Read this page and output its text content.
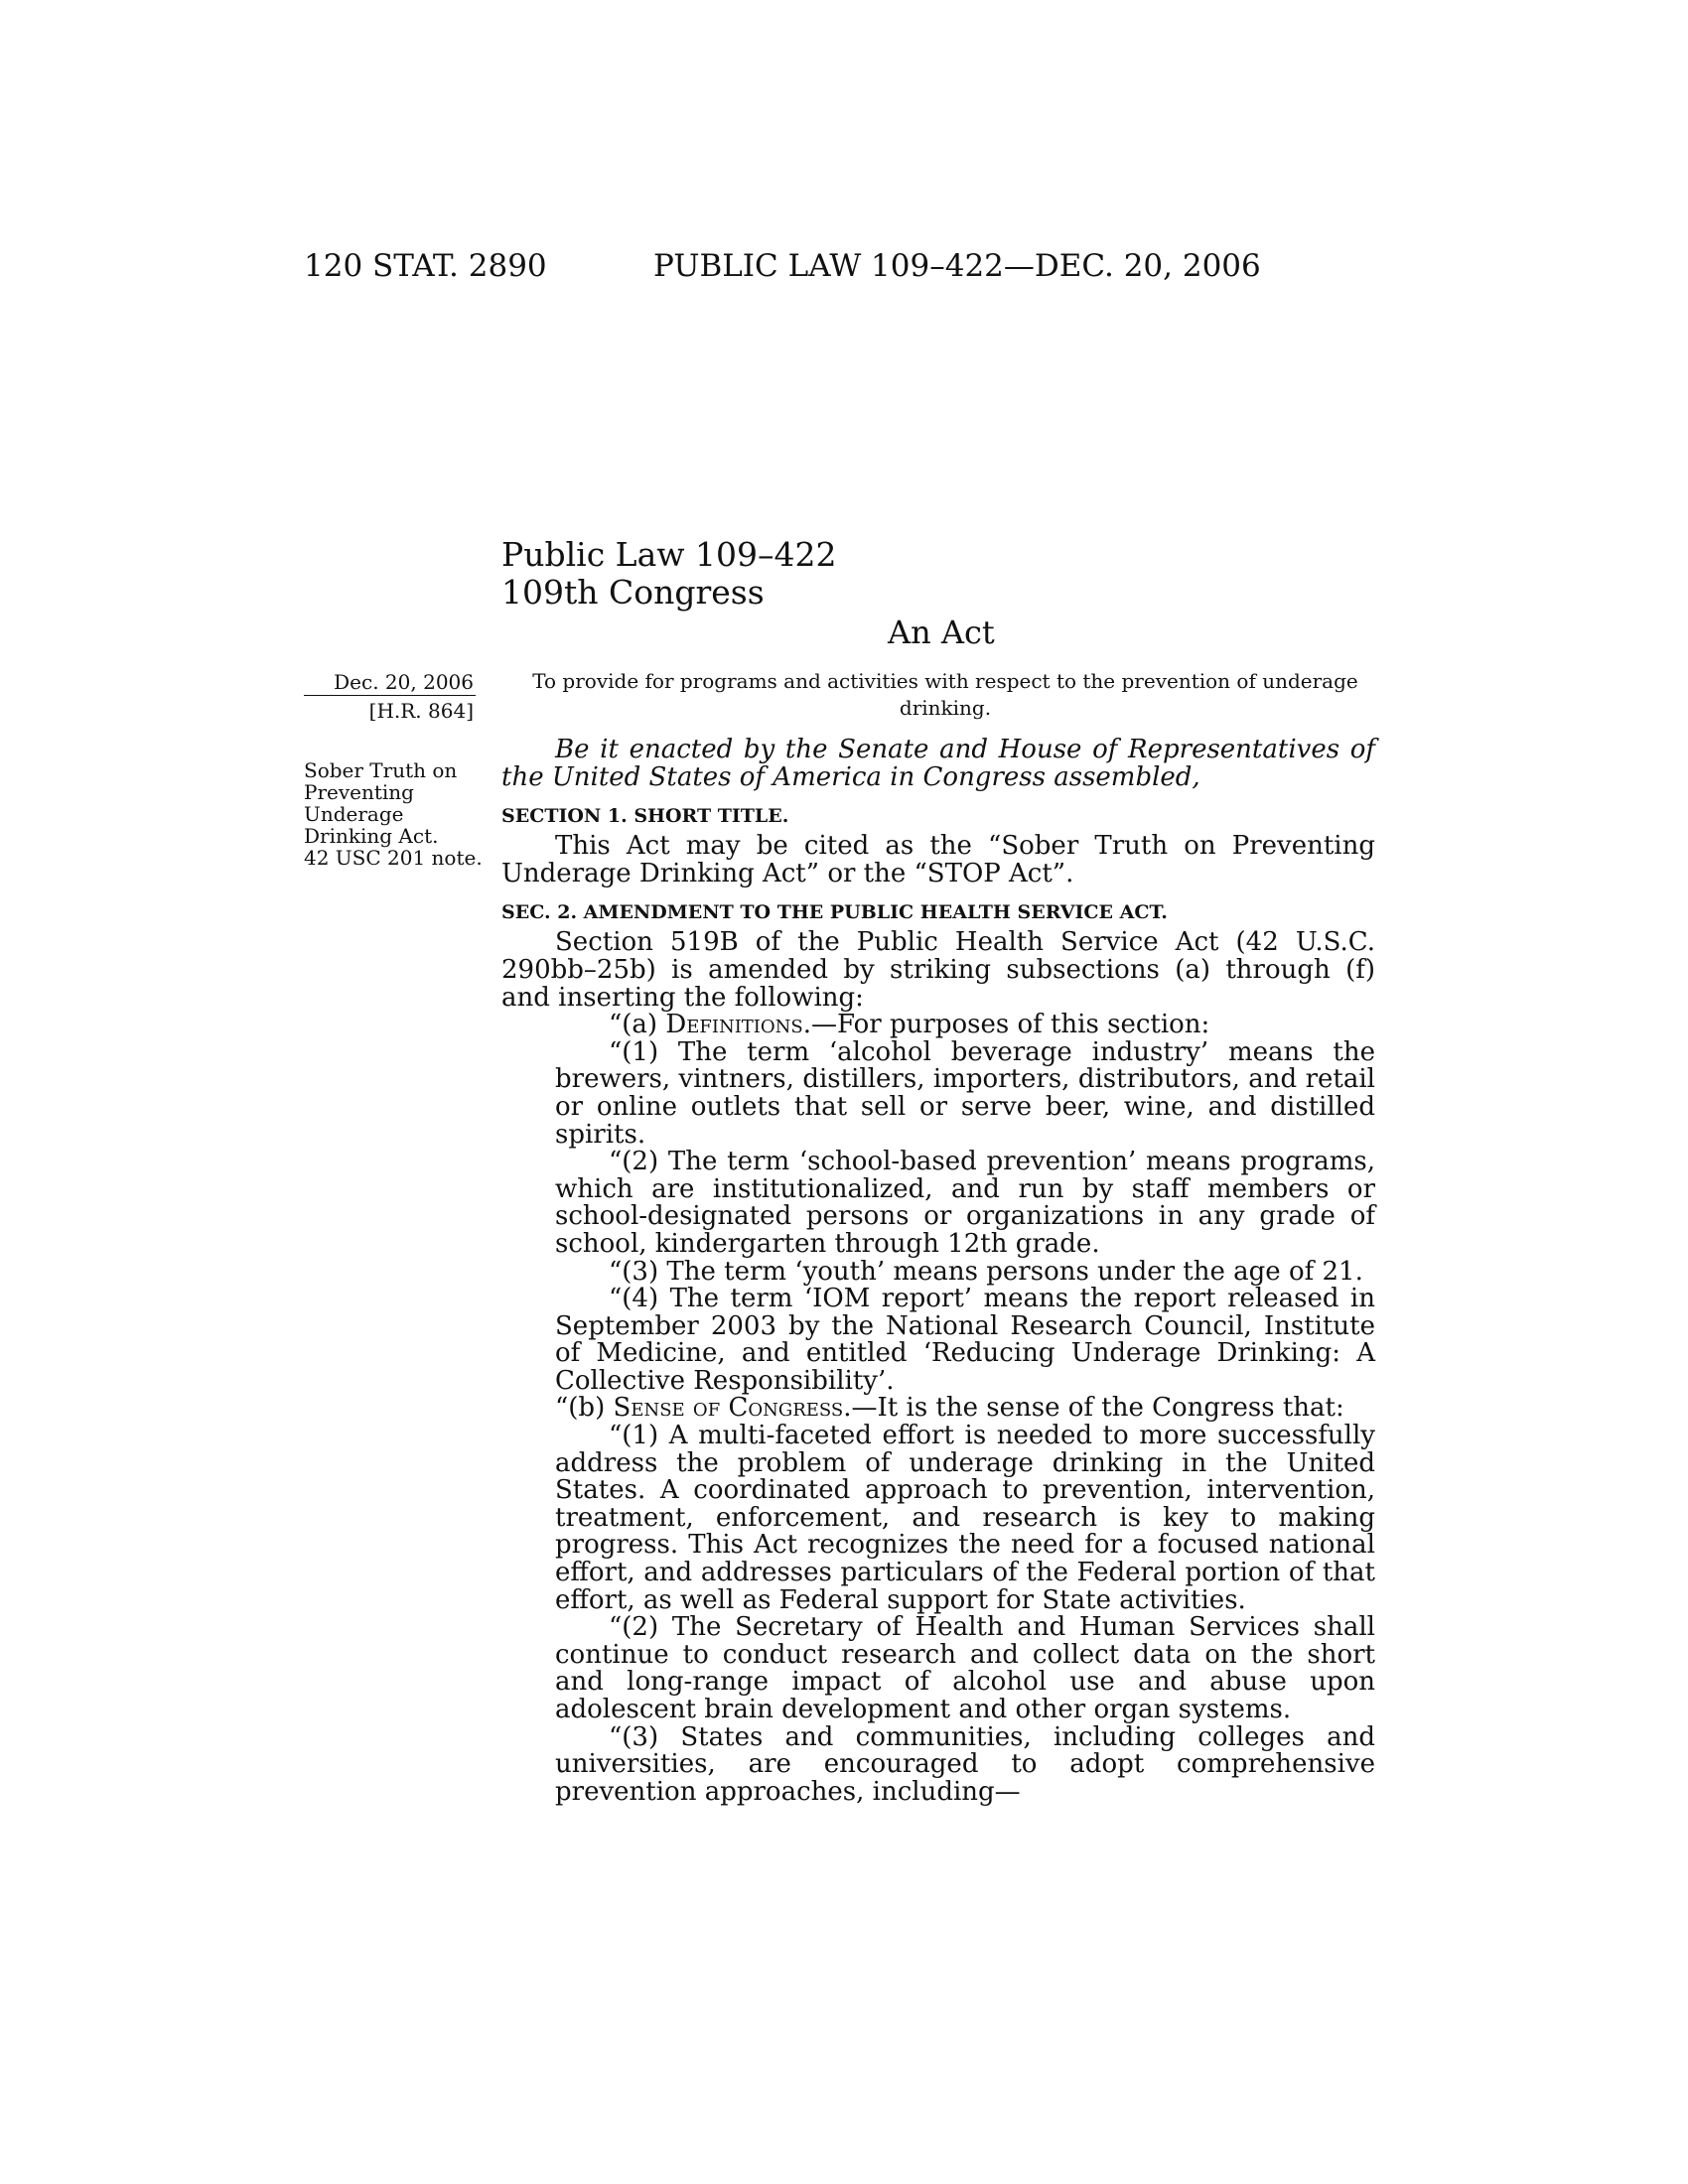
120 STAT. 2890	PUBLIC LAW 109–422—DEC. 20, 2006
Public Law 109–422
109th Congress
An Act
Dec. 20, 2006
[H.R. 864]
Sober Truth on Preventing Underage Drinking Act.
42 USC 201 note.
To provide for programs and activities with respect to the prevention of underage drinking.

Be it enacted by the Senate and House of Representatives of the United States of America in Congress assembled,

SECTION 1. SHORT TITLE.

This Act may be cited as the “Sober Truth on Preventing Underage Drinking Act” or the “STOP Act”.

SEC. 2. AMENDMENT TO THE PUBLIC HEALTH SERVICE ACT.

Section 519B of the Public Health Service Act (42 U.S.C. 290bb–25b) is amended by striking subsections (a) through (f) and inserting the following:

“(a) Definitions.—For purposes of this section:

“(1) The term ‘alcohol beverage industry’ means the brewers, vintners, distillers, importers, distributors, and retail or online outlets that sell or serve beer, wine, and distilled spirits.

“(2) The term ‘school-based prevention’ means programs, which are institutionalized, and run by staff members or school-designated persons or organizations in any grade of school, kindergarten through 12th grade.

“(3) The term ‘youth’ means persons under the age of 21.

“(4) The term ‘IOM report’ means the report released in September 2003 by the National Research Council, Institute of Medicine, and entitled ‘Reducing Underage Drinking: A Collective Responsibility’.

“(b) Sense of Congress.—It is the sense of the Congress that:

“(1) A multi-faceted effort is needed to more successfully address the problem of underage drinking in the United States. A coordinated approach to prevention, intervention, treatment, enforcement, and research is key to making progress. This Act recognizes the need for a focused national effort, and addresses particulars of the Federal portion of that effort, as well as Federal support for State activities.

“(2) The Secretary of Health and Human Services shall continue to conduct research and collect data on the short and long-range impact of alcohol use and abuse upon adolescent brain development and other organ systems.

“(3) States and communities, including colleges and universities, are encouraged to adopt comprehensive prevention approaches, including—
